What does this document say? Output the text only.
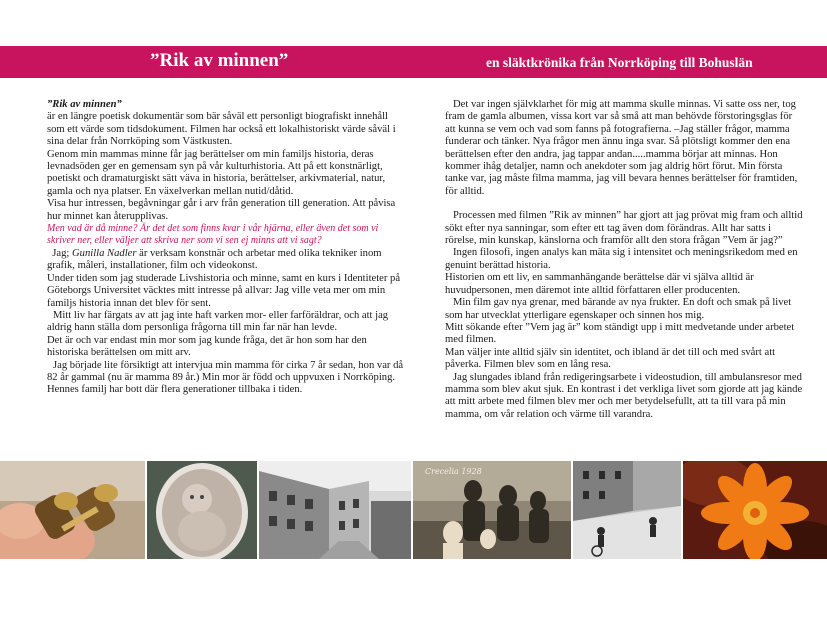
”Rik av minnen”	en släktkrönika från Norrköping till Bohuslän

”Rik av minnen”

är en längre poetisk dokumentär som bär såväl ett personligt biografiskt innehåll som ett värde som tidsdokument. Filmen har också ett lokalhistoriskt värde såväl i sina delar från Norrköping som Västkusten.

Genom min mammas minne får jag berättelser om min familjs historia, deras levnadsöden ger en gemensam syn på vår kulturhistoria. Att på ett konstnärligt, poetiskt och dramaturgiskt sätt väva in historia, berättelser, arkivmaterial, natur, gamla och nya platser. En växelverkan mellan nutid/dåtid.

Visa hur intressen, begåvningar går i arv från generation till generation. Att påvisa hur minnet kan återupplivas.

Men vad är då minne? Är det det som finns kvar i vår hjärna, eller även det som vi skriver ner, eller väljer att skriva ner som vi sen ej minns att vi sagt?

Jag; Gunilla Nadler är verksam konstnär och arbetar med olika tekniker inom grafik, måleri, installationer, film och videokonst.

Under tiden som jag studerade Livshistoria och minne, samt en kurs i Identiteter på Göteborgs Universitet väcktes mitt intresse på allvar: Jag ville veta mer om min familjs historia innan det blev för sent.

Mitt liv har färgats av att jag inte haft varken mor- eller farföräldrar, och att jag aldrig hann ställa dom personliga frågorna till min far när han levde.

Det är och var endast min mor som jag kunde fråga, det är hon som har den historiska berättelsen om mitt arv.

Jag började lite försiktigt att intervjua min mamma för cirka 7 år sedan, hon var då 82 år gammal (nu är mamma 89 år.) Min mor är född och uppvuxen i Norrköping. Hennes familj har bott där flera generationer tillbaka i tiden.

Det var ingen självklarhet för mig att mamma skulle minnas. Vi satte oss ner, tog fram de gamla albumen, vissa kort var så små att man behövde förstoringsglas för att kunna se vem och vad som fanns på fotografierna. –Jag ställer frågor, mamma funderar och tänker. Nya frågor men ännu inga svar. Så plötsligt kommer den ena berättelsen efter den andra, jag tappar andan.....mamma börjar att minnas. Hon kommer ihåg detaljer, namn och anekdoter som jag aldrig hört förut. Min första tanke var, jag måste filma mamma, jag vill bevara hennes berättelser för framtiden, för alltid.

Processen med filmen ”Rik av minnen” har gjort att jag prövat mig fram och alltid sökt efter nya sanningar, som efter ett tag även dom förändras. Allt har satts i rörelse, min kunskap, känslorna och framför allt den stora frågan ”Vem är jag?”

Ingen filosofi, ingen analys kan mäta sig i intensitet och meningsrikedom med en genuint berättad historia.

Historien om ett liv, en sammanhängande berättelse där vi själva alltid är huvudpersonen, men däremot inte alltid författaren eller producenten.

Min film gav nya grenar, med bärande av nya frukter. En doft och smak på livet som har utvecklat ytterligare egenskaper och sinnen hos mig.

Mitt sökande efter ”Vem jag är” kom ständigt upp i mitt medvetande under arbetet med filmen.

Man väljer inte alltid själv sin identitet, och ibland är det till och med svårt att påverka. Filmen blev som en lång resa.

Jag slungades ibland från redigeringsarbete i videostudion, till ambulansresor med mamma som blev akut sjuk. En kontrast i det verkliga livet som gjorde att jag kände att mitt arbete med filmen blev mer och mer betydelsefullt, att ta till vara på min mamma, om vår relation och värme till varandra.

Crecelia 1928
